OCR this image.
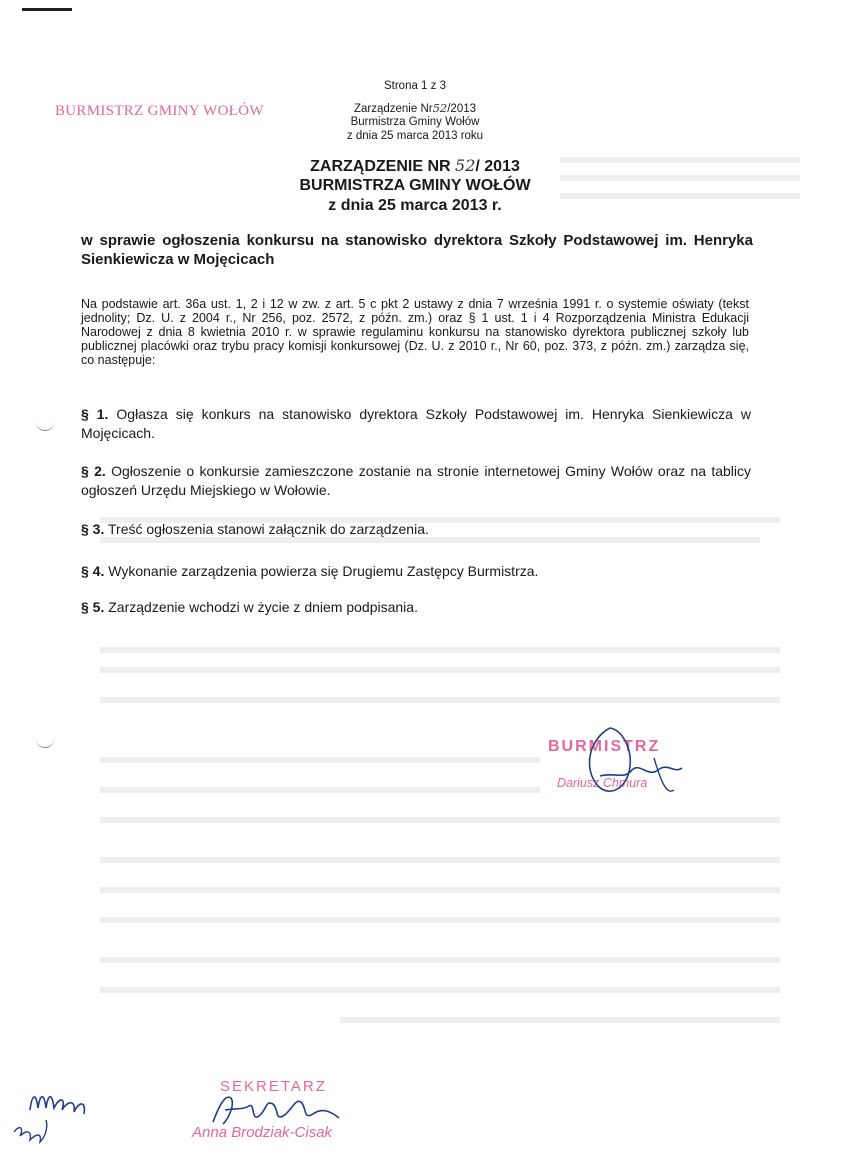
BURMISTRZ GMINY WOŁÓW
Strona 1 z 3
Zarządzenie Nr52/2013
Burmistrza Gminy Wołów
z dnia 25 marca 2013 roku
ZARZĄDZENIE NR 52/ 2013
BURMISTRZA GMINY WOŁÓW
z dnia 25 marca 2013 r.
w sprawie ogłoszenia konkursu na stanowisko dyrektora Szkoły Podstawowej im. Henryka Sienkiewicza w Mojęcicach
Na podstawie art. 36a ust. 1, 2 i 12 w zw. z art. 5 c pkt 2 ustawy z dnia 7 września 1991 r. o systemie oświaty (tekst jednolity; Dz. U. z 2004 r., Nr 256, poz. 2572, z późn. zm.) oraz § 1 ust. 1 i 4 Rozporządzenia Ministra Edukacji Narodowej z dnia 8 kwietnia 2010 r. w sprawie regulaminu konkursu na stanowisko dyrektora publicznej szkoły lub publicznej placówki oraz trybu pracy komisji konkursowej (Dz. U. z 2010 r., Nr 60, poz. 373, z późn. zm.) zarządza się, co następuje:
§ 1. Ogłasza się konkurs na stanowisko dyrektora Szkoły Podstawowej im. Henryka Sienkiewicza w Mojęcicach.
§ 2. Ogłoszenie o konkursie zamieszczone zostanie na stronie internetowej Gminy Wołów oraz na tablicy ogłoszeń Urzędu Miejskiego w Wołowie.
§ 3. Treść ogłoszenia stanowi załącznik do zarządzenia.
§ 4. Wykonanie zarządzenia powierza się Drugiemu Zastępcy Burmistrza.
§ 5. Zarządzenie wchodzi w życie z dniem podpisania.
BURMISTRZ
Dariusz Chmura
SEKRETARZ
Anna Brodziak-Cisak
